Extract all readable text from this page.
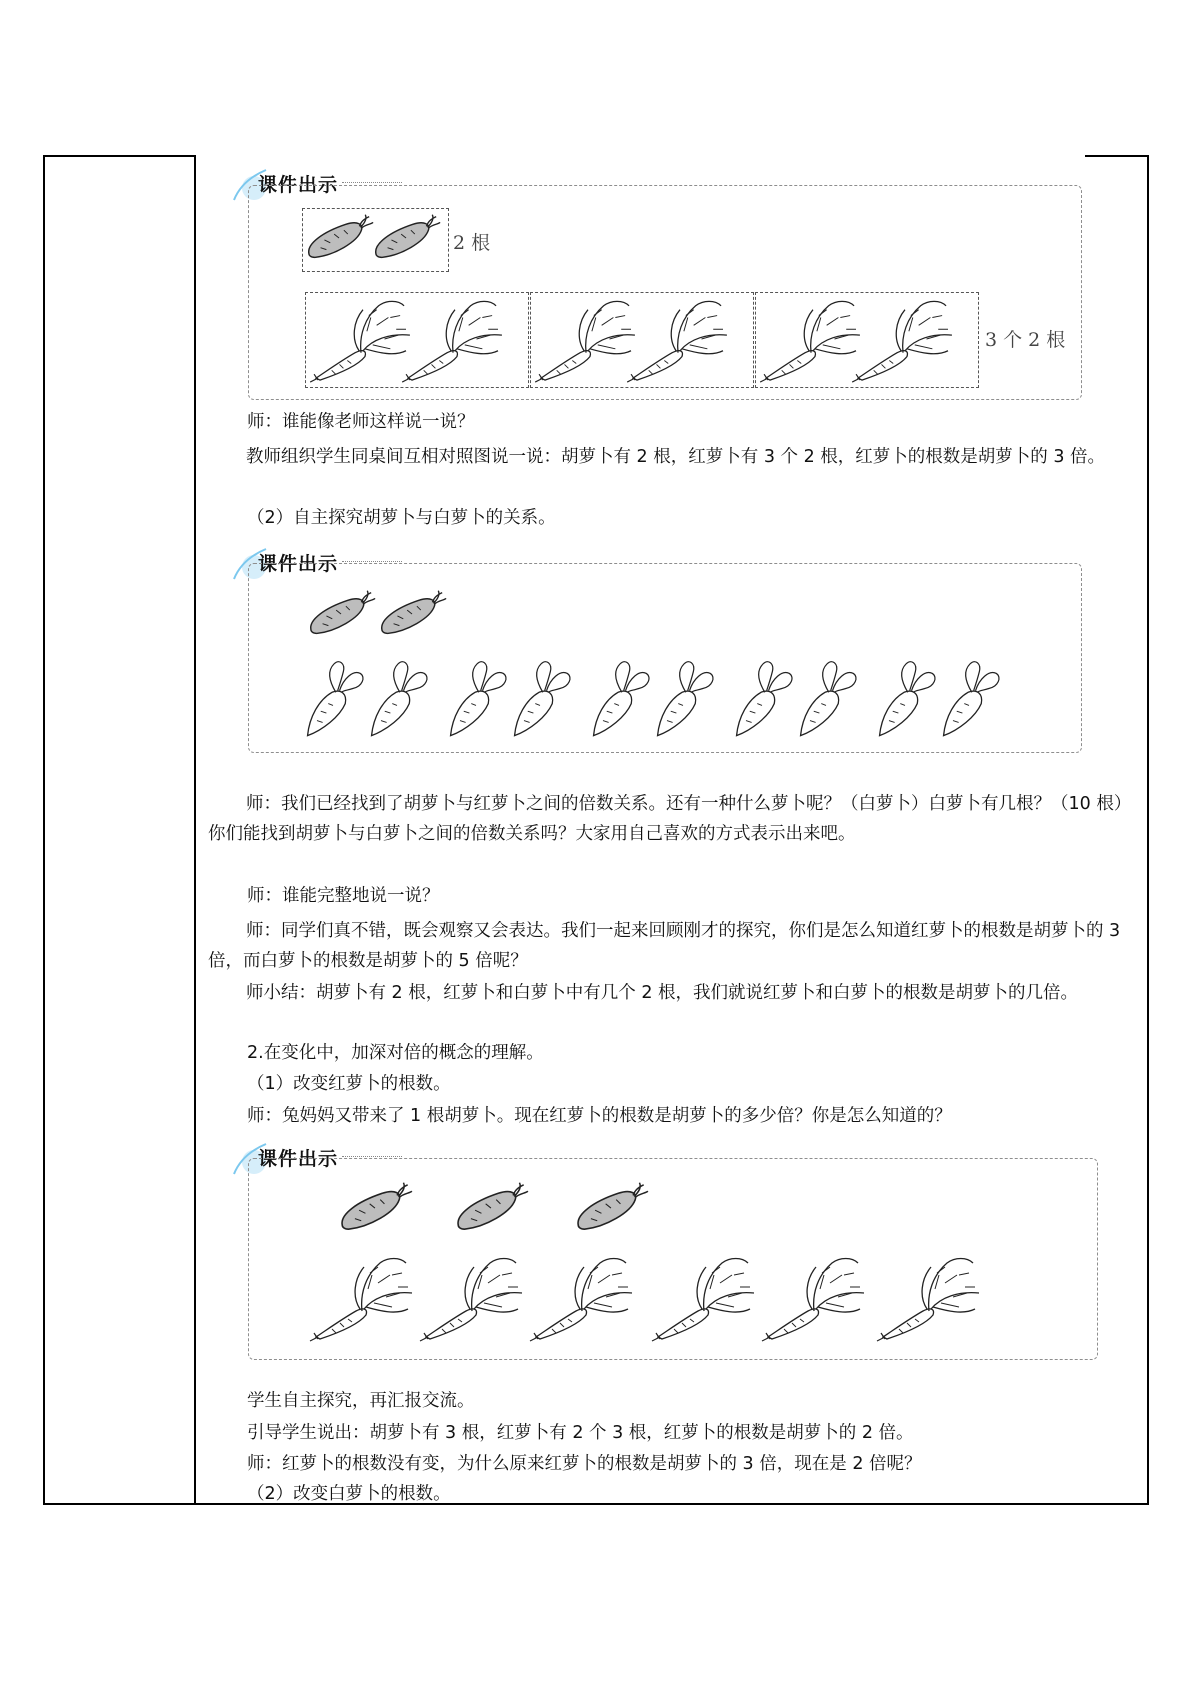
课件出示
2 根
3 个 2 根
师：谁能像老师这样说一说？
教师组织学生同桌间互相对照图说一说：胡萝卜有 2 根，红萝卜有 3 个 2 根，红萝卜的根数是胡萝卜的 3 倍。
（2）自主探究胡萝卜与白萝卜的关系。
课件出示
师：我们已经找到了胡萝卜与红萝卜之间的倍数关系。还有一种什么萝卜呢？（白萝卜）白萝卜有几根？（10 根）你们能找到胡萝卜与白萝卜之间的倍数关系吗？大家用自己喜欢的方式表示出来吧。
师：谁能完整地说一说？
师：同学们真不错，既会观察又会表达。我们一起来回顾刚才的探究，你们是怎么知道红萝卜的根数是胡萝卜的 3 倍，而白萝卜的根数是胡萝卜的 5 倍呢？
师小结：胡萝卜有 2 根，红萝卜和白萝卜中有几个 2 根，我们就说红萝卜和白萝卜的根数是胡萝卜的几倍。
2.在变化中，加深对倍的概念的理解。
（1）改变红萝卜的根数。
师：兔妈妈又带来了 1 根胡萝卜。现在红萝卜的根数是胡萝卜的多少倍？你是怎么知道的？
课件出示
学生自主探究，再汇报交流。
引导学生说出：胡萝卜有 3 根，红萝卜有 2 个 3 根，红萝卜的根数是胡萝卜的 2 倍。
师：红萝卜的根数没有变，为什么原来红萝卜的根数是胡萝卜的 3 倍，现在是 2 倍呢？
（2）改变白萝卜的根数。
